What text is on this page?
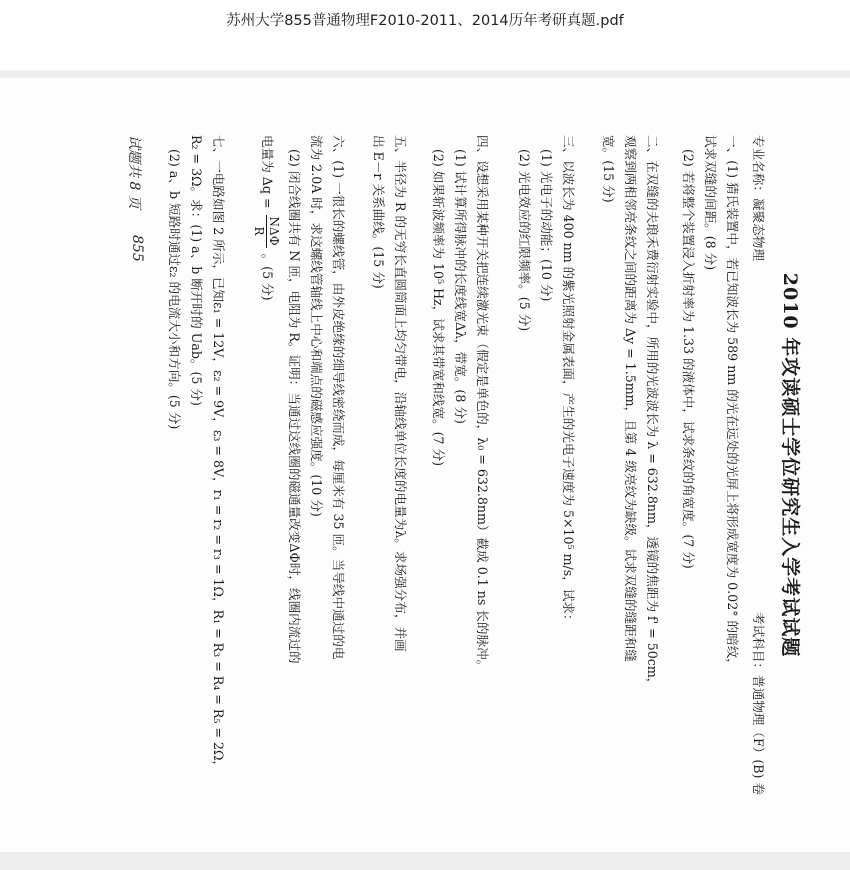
苏州大学855普通物理F2010-2011、2014历年考研真题.pdf
2010 年攻读硕士学位研究生入学考试试题
专业名称：凝聚态物理
考试科目：普通物理（F）(B) 卷
一、(1) 猜氏装置中，若已知波长为 589 nm 的光在远处的光屏上将形成宽度为 0.02° 的暗纹，
试求双缝的间距。(8 分)
(2) 若将整个装置浸入折射率为 1.33 的液体中，试求条纹的角宽度。(7 分)
二、在双缝的夫琅禾费衍射实验中，所用的光波波长为 λ = 632.8nm，透镜的焦距为 f' = 50cm，
观察到两相邻亮条纹之间的距离为 Δy = 1.5mm，且第 4 级亮纹为缺级。试求双缝的缝距和缝
宽。(15 分)
三、以波长为 400 nm 的紫光照射金属表面，产生的光电子速度为 5×10⁵ m/s，试求：
(1) 光电子的动能；(10 分)
(2) 光电效应的红限频率。(5 分)
四、设想采用某种开关把连续激光束（假定是单色的，λ₀ = 632.8nm）截成 0.1 ns 长的脉冲。
(1) 试计算所得脉冲的长度线宽Δλ，带宽。(8 分)
(2) 如果斩波频率为 10⁵ Hz，试求其带宽和线宽。(7 分)
五、半径为 R 的无穷长直圆筒面上均匀带电，沿轴线单位长度的电量为λ。求场强分布，并画
出 E－r 关系曲线。(15 分)
六、(1) 一很长的螺线管，由外皮绝缘的细导线密绕而成，每厘米有 35 匝。当导线中通过的电
流为 2.0A 时，求这螺线管轴线上中心和端点的磁感应强度。(10 分)
(2) 闭合线圈共有 N 匝，电阻为 R。证明：当通过这线圈的磁通量改变ΔΦ时，线圈内流过的
电量为 Δq =
NΔΦ
R
。(5 分)
七、一电路如图 2 所示，已知ε₁ = 12V，ε₂ = 9V，ε₃ = 8V，r₁ = r₂ = r₃ = 1Ω，R₁ = R₃ = R₄ = R₅ = 2Ω，
R₂ = 3Ω。求：(1) a、b 断开时的 Uab。(5 分)
(2) a、b 短路时通过ε₂ 的电流大小和方向。(5 分)
试题共 8 页
855
